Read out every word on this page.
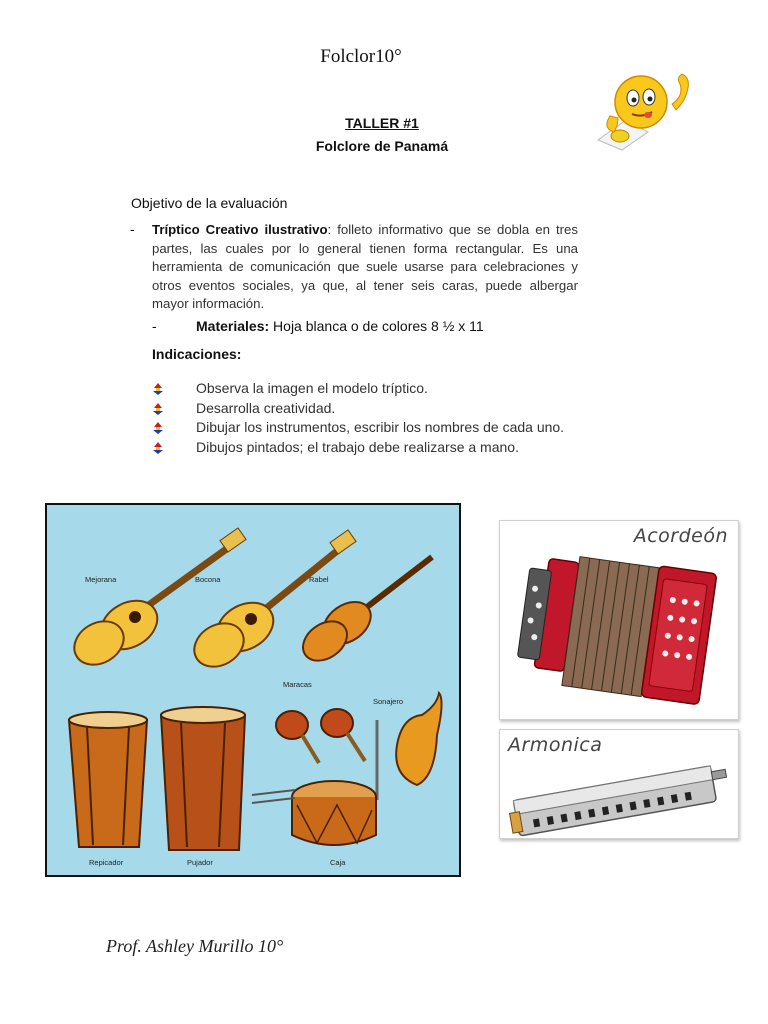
Folclor10°
TALLER #1
Folclore de Panamá
Objetivo de la evaluación
- Tríptico Creativo ilustrativo: folleto informativo que se dobla en tres partes, las cuales por lo general tienen forma rectangular. Es una herramienta de comunicación que suele usarse para celebraciones y otros eventos sociales, ya que, al tener seis caras, puede albergar mayor información.
-	Materiales: Hoja blanca o de colores 8 ½ x 11
Indicaciones:
Observa la imagen el modelo tríptico.
Desarrolla creatividad.
Dibujar los instrumentos, escribir los nombres de cada uno.
Dibujos pintados; el trabajo debe realizarse a mano.
Mejorana	Bocona	Rabel
Maracas
Sonajero
Repicador	Pujador	Caja
Acordeón
Armonica
Prof. Ashley Murillo 10°
